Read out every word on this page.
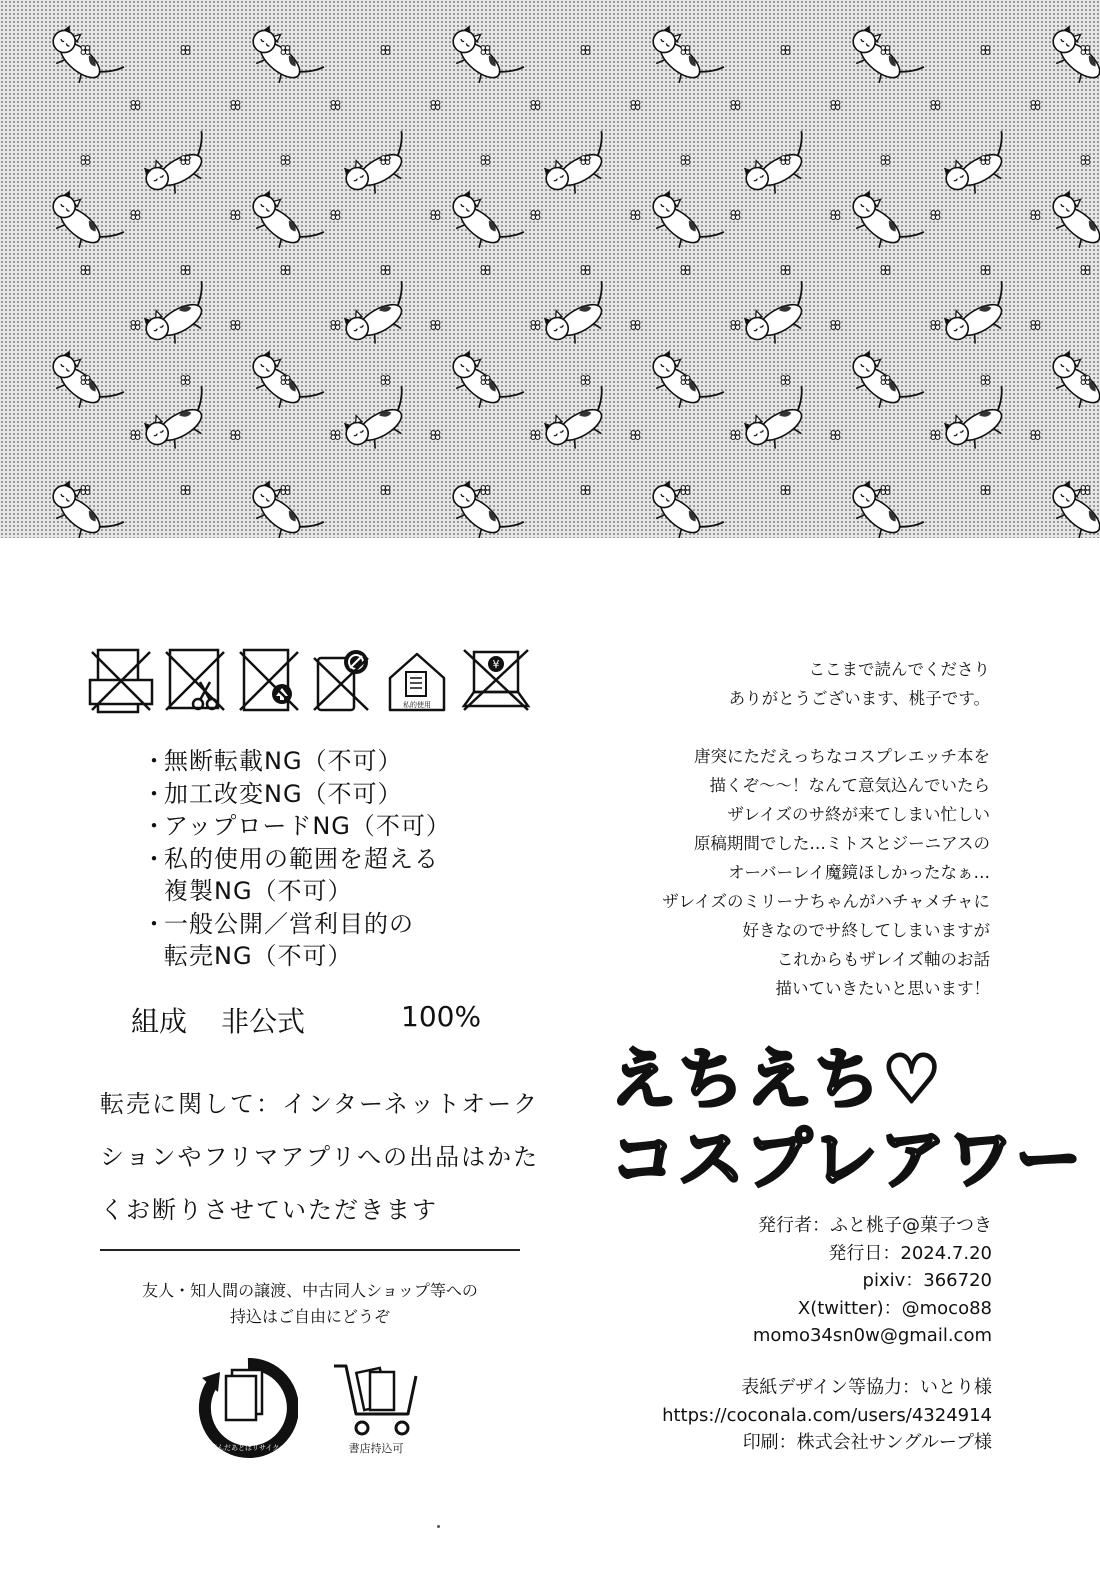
私的使用
¥
・
無断転載NG（不可）
・
加工改変NG（不可）
・
アップロードNG（不可）
・
私的使用の範囲を超える
複製NG（不可）
・
一般公開／営利目的の
転売NG（不可）
組成 非公式	100%
転売に関して：インターネットオークションやフリマアプリへの出品はかたくお断りさせていただきます
友人・知人間の譲渡、中古同人ショップ等への
持込はご自由にどうぞ
読んだあとはリサイクル	書店持込可

ここまで読んでくださり
ありがとうございます、桃子です。

唐突にただえっちなコスプレエッチ本を
描くぞ〜〜！なんて意気込んでいたら
ザレイズのサ終が来てしまい忙しい
原稿期間でした…ミトスとジーニアスの
オーバーレイ魔鏡ほしかったなぁ…
ザレイズのミリーナちゃんがハチャメチャに
好きなのでサ終してしまいますが
これからもザレイズ軸のお話
描いていきたいと思います！

えちえち♡
コスプレアワー
発行者：ふと桃子@菓子つき
発行日：2024.7.20
pixiv：366720
X(twitter)：@moco88
momo34sn0w@gmail.com
表紙デザイン等協力：いとり様
https://coconala.com/users/4324914
印刷：株式会社サングループ様
